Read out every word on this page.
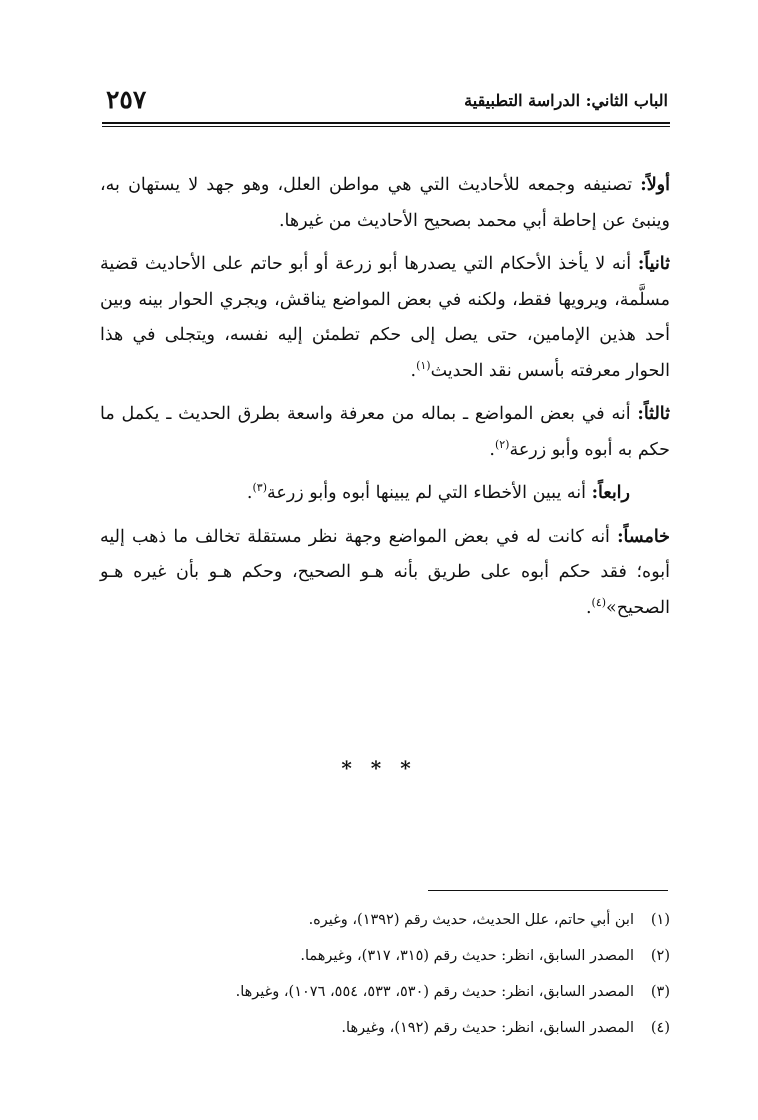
الباب الثاني: الدراسة التطبيقية
٢٥٧

أولاً: تصنيفه وجمعه للأحاديث التي هي مواطن العلل، وهو جهد لا يستهان به، وينبئ عن إحاطة أبي محمد بصحيح الأحاديث من غيرها.

ثانياً: أنه لا يأخذ الأحكام التي يصدرها أبو زرعة أو أبو حاتم على الأحاديث قضية مسلَّمة، ويرويها فقط، ولكنه في بعض المواضع يناقش، ويجري الحوار بينه وبين أحد هذين الإمامين، حتى يصل إلى حكم تطمئن إليه نفسه، ويتجلى في هذا الحوار معرفته بأسس نقد الحديث$^{(١)}$.

ثالثاً: أنه في بعض المواضع ـ بماله من معرفة واسعة بطرق الحديث ـ يكمل ما حكم به أبوه وأبو زرعة$^{(٢)}$.

رابعاً: أنه يبين الأخطاء التي لم يبينها أبوه وأبو زرعة$^{(٣)}$.

خامساً: أنه كانت له في بعض المواضع وجهة نظر مستقلة تخالف ما ذهب إليه أبوه؛ فقد حكم أبوه على طريق بأنه هـو الصحيح، وحكم هـو بأن غيره هـو الصحيح»$^{(٤)}$.

* * *
(١)ابن أبي حاتم، علل الحديث، حديث رقم (١٣٩٢)، وغيره.
(٢)المصدر السابق، انظر: حديث رقم (٣١٥، ٣١٧)، وغيرهما.
(٣)المصدر السابق، انظر: حديث رقم (٥٣٠، ٥٣٣، ٥٥٤، ١٠٧٦)، وغيرها.
(٤)المصدر السابق، انظر: حديث رقم (١٩٢)، وغيرها.
